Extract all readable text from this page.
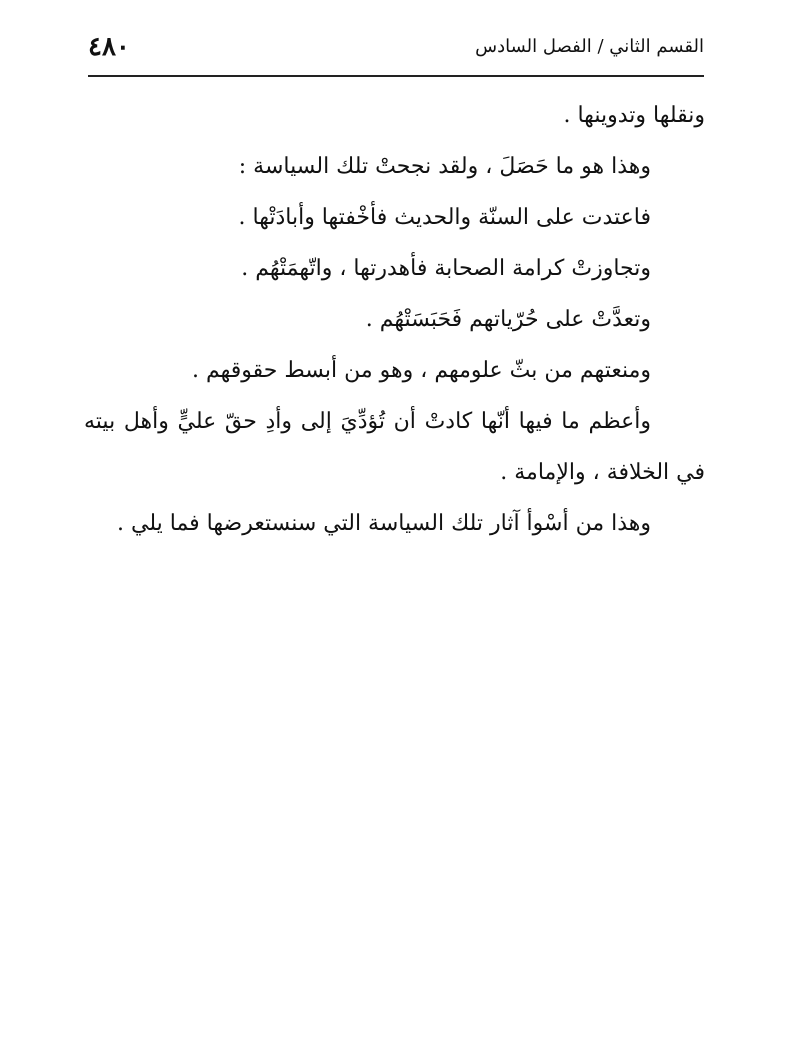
٤٨٠	القسم الثاني / الفصل السادس

ونقلها وتدوينها .

وهذا هو ما حَصَلَ ، ولقد نجحتْ تلك السياسة :

فاعتدت على السنّة والحديث فأخْفتها وأبادَتْها .

وتجاوزتْ كرامة الصحابة فأهدرتها ، واتّهمَتْهُم .

وتعدَّتْ على حُرّياتهم فَحَبَسَتْهُم .

ومنعتهم من بثّ علومهم ، وهو من أبسط حقوقهم .

وأعظم ما فيها أنّها كادتْ أن تُؤدِّيَ إلى وأدِ حقّ عليٍّ وأهل بيته في الخلافة ، والإمامة .

وهذا من أسْوأ آثار تلك السياسة التي سنستعرضها فما يلي .
